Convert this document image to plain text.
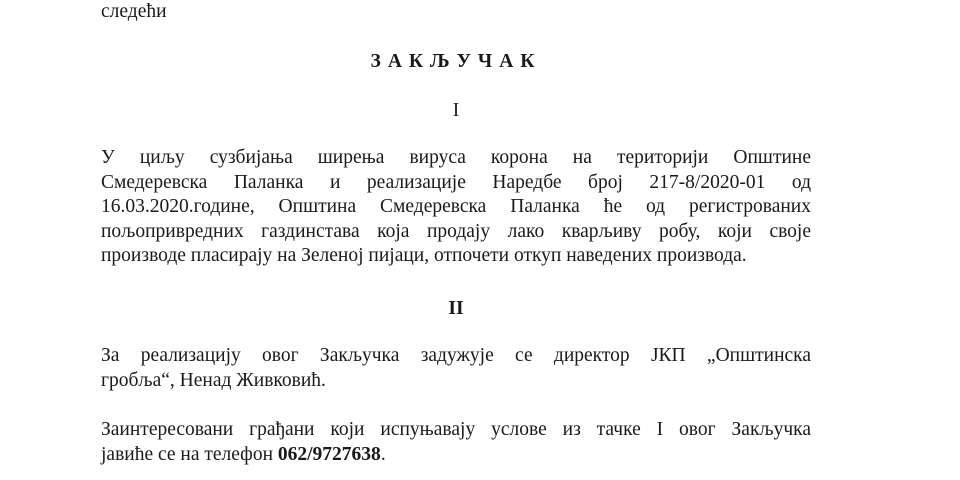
следећи
ЗАКЉУЧАК
I
У циљу сузбијања ширења вируса корона на територији Општине
Смедеревска Паланка и реализације Наредбе број 217-8/2020-01 од
16.03.2020.године, Општина Смедеревска Паланка ће од регистрованих
пољопривредних газдинстава која продају лако кварљиву робу, који своје
производе пласирају на Зеленој пијаци, отпочети откуп наведених производа.
II
За реализацију овог Закључка задужује се директор ЈКП „Општинска
гробља“, Ненад Живковић.
Заинтересовани грађани који испуњавају услове из тачке I овог Закључка
јавиће се на телефон 062/9727638.
